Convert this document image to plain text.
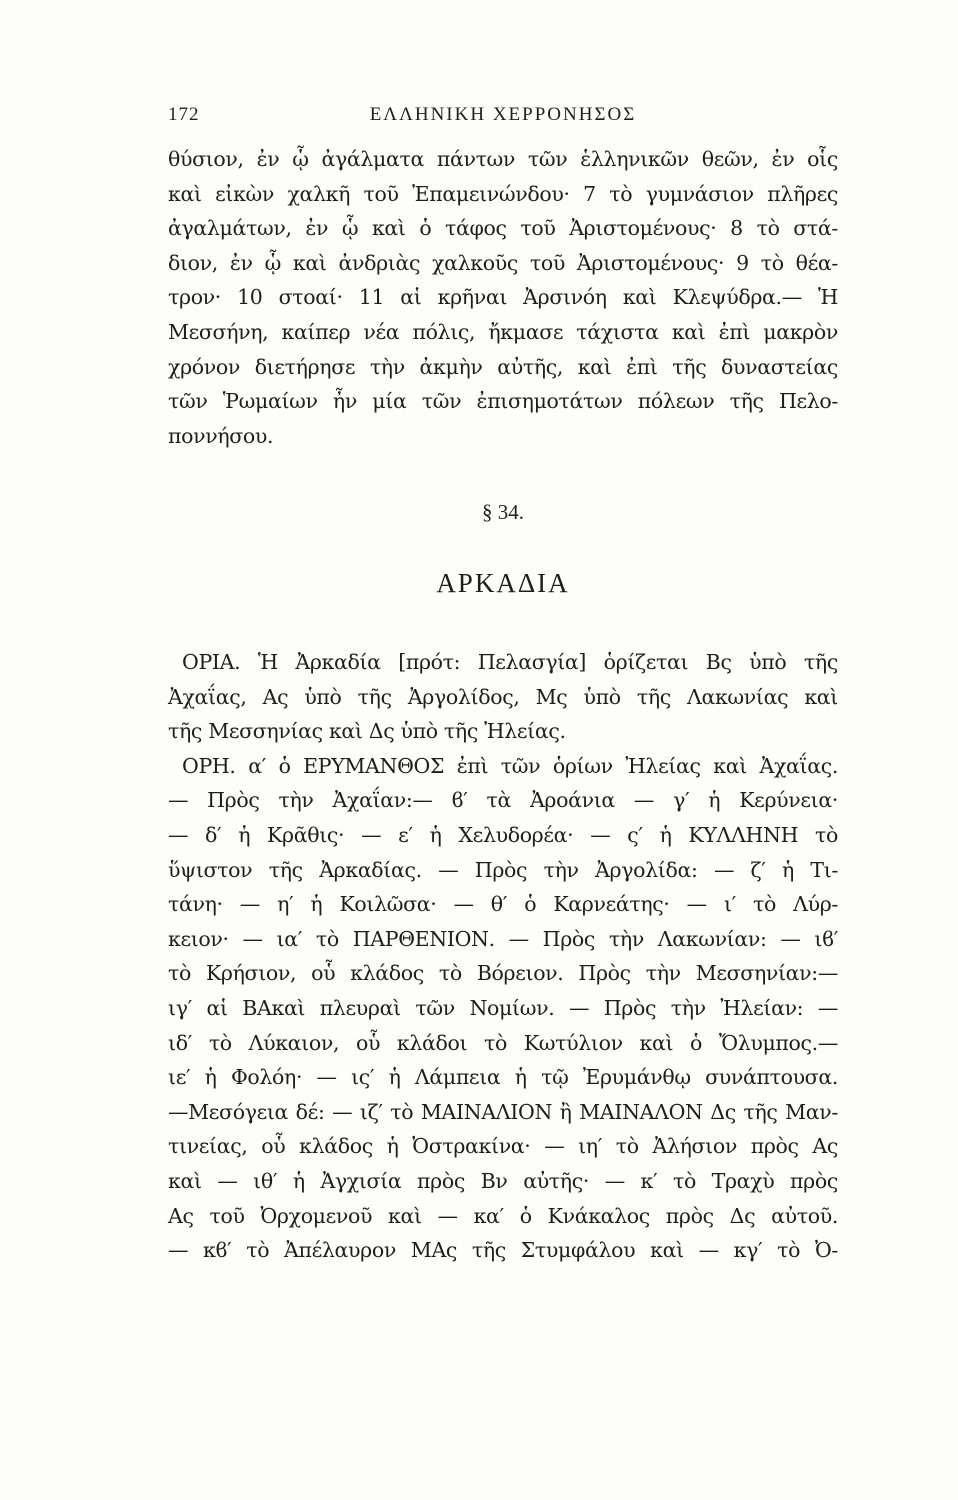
172	ΕΛΛΗΝΙΚΗ ΧΕΡΡΟΝΗΣΟΣ
θύσιον, ἐν ᾧ ἀγάλματα πάντων τῶν ἑλληνικῶν θεῶν, ἐν οἷς
καὶ εἰκὼν χαλκῆ τοῦ Ἐπαμεινώνδου· 7 τὸ γυμνάσιον πλῆρες
ἀγαλμάτων, ἐν ᾧ καὶ ὁ τάφος τοῦ Ἀριστομένους· 8 τὸ στά-
διον, ἐν ᾧ καὶ ἀνδριὰς χαλκοῦς τοῦ Ἀριστομένους· 9 τὸ θέα-
τρον· 10 στοαί· 11 αἱ κρῆναι Ἀρσινόη καὶ Κλεψύδρα.— Ἡ
Μεσσήνη, καίπερ νέα πόλις, ἤκμασε τάχιστα καὶ ἐπὶ μακρὸν
χρόνον διετήρησε τὴν ἀκμὴν αὐτῆς, καὶ ἐπὶ τῆς δυναστείας
τῶν Ῥωμαίων ἦν μία τῶν ἐπισημοτάτων πόλεων τῆς Πελο-
ποννήσου.
§ 34.
ΑΡΚΑΔΙΑ
ΟΡΙΑ. Ἡ Ἀρκαδία [πρότ: Πελασγία] ὁρίζεται Βς ὑπὸ τῆς
Ἀχαΐας, Ας ὑπὸ τῆς Ἀργολίδος, Μς ὑπὸ τῆς Λακωνίας καὶ
τῆς Μεσσηνίας καὶ Δς ὑπὸ τῆς Ἠλείας.
ΟΡΗ. α′ ὁ ΕΡΥΜΑΝΘΟΣ ἐπὶ τῶν ὁρίων Ἠλείας καὶ Ἀχαΐας.
— Πρὸς τὴν Ἀχαΐαν:— ϐ′ τὰ Ἀροάνια — γ′ ἡ Κερύνεια·
— δ′ ἡ Κρᾶθις· — ε′ ἡ Χελυδορέα· — ς′ ἡ ΚΥΛΛΗΝΗ τὸ
ὕψιστον τῆς Ἀρκαδίας. — Πρὸς τὴν Ἀργολίδα: — ζ′ ἡ Τι-
τάνη· — η′ ἡ Κοιλῶσα· — θ′ ὁ Καρνεάτης· — ι′ τὸ Λύρ-
κειον· — ια′ τὸ ΠΑΡΘΕΝΙΟΝ. — Πρὸς τὴν Λακωνίαν: — ιϐ′
τὸ Κρήσιον, οὗ κλάδος τὸ Βόρειον. Πρὸς τὴν Μεσσηνίαν:—
ιγ′ αἱ ΒΑκαὶ πλευραὶ τῶν Νομίων. — Πρὸς τὴν Ἠλείαν: —
ιδ′ τὸ Λύκαιον, οὗ κλάδοι τὸ Κωτύλιον καὶ ὁ Ὄλυμπος.—
ιε′ ἡ Φολόη· — ις′ ἡ Λάμπεια ἡ τῷ Ἐρυμάνθῳ συνάπτουσα.
—Μεσόγεια δέ: — ιζ′ τὸ ΜΑΙΝΑΛΙΟΝ ἢ ΜΑΙΝΑΛΟΝ Δς τῆς Μαν-
τινείας, οὗ κλάδος ἡ Ὀστρακίνα· — ιη′ τὸ Ἀλήσιον πρὸς Ας
καὶ — ιθ′ ἡ Ἀγχισία πρὸς Βν αὐτῆς· — κ′ τὸ Τραχὺ πρὸς
Ας τοῦ Ὀρχομενοῦ καὶ — κα′ ὁ Κνάκαλος πρὸς Δς αὐτοῦ.
— κϐ′ τὸ Ἀπέλαυρον ΜΑς τῆς Στυμφάλου καὶ — κγ′ τὸ Ὀ-
